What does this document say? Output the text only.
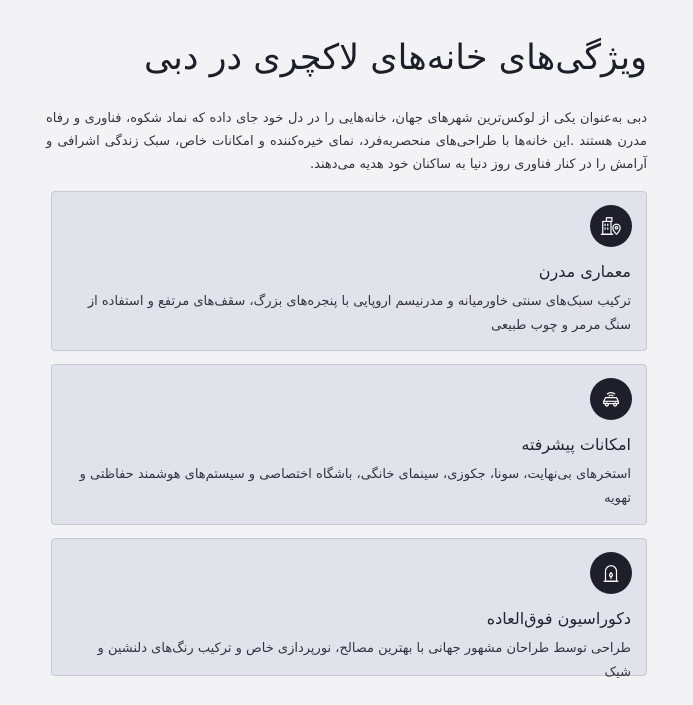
ویژگی‌های خانه‌های لاکچری در دبی

دبی به‌عنوان یکی از لوکس‌ترین شهرهای جهان، خانه‌هایی را در دل خود جای داده که نماد شکوه، فناوری و رفاه مدرن هستند .این خانه‌ها با طراحی‌های منحصربه‌فرد، نمای خیره‌کننده و امکانات خاص، سبک زندگی اشرافی و آرامش را در کنار فناوری روز دنیا به ساکنان خود هدیه می‌دهند.

معماری مدرن

ترکیب سبک‌های سنتی خاورمیانه و مدرنیسم اروپایی با پنجره‌های بزرگ، سقف‌های مرتفع و استفاده از سنگ مرمر و چوب طبیعی

امکانات پیشرفته

استخرهای بی‌نهایت، سونا، جکوزی، سینمای خانگی، باشگاه اختصاصی و سیستم‌های هوشمند حفاظتی و تهویه

دکوراسیون فوق‌العاده

طراحی توسط طراحان مشهور جهانی با بهترین مصالح، نورپردازی خاص و ترکیب رنگ‌های دلنشین و شیک
